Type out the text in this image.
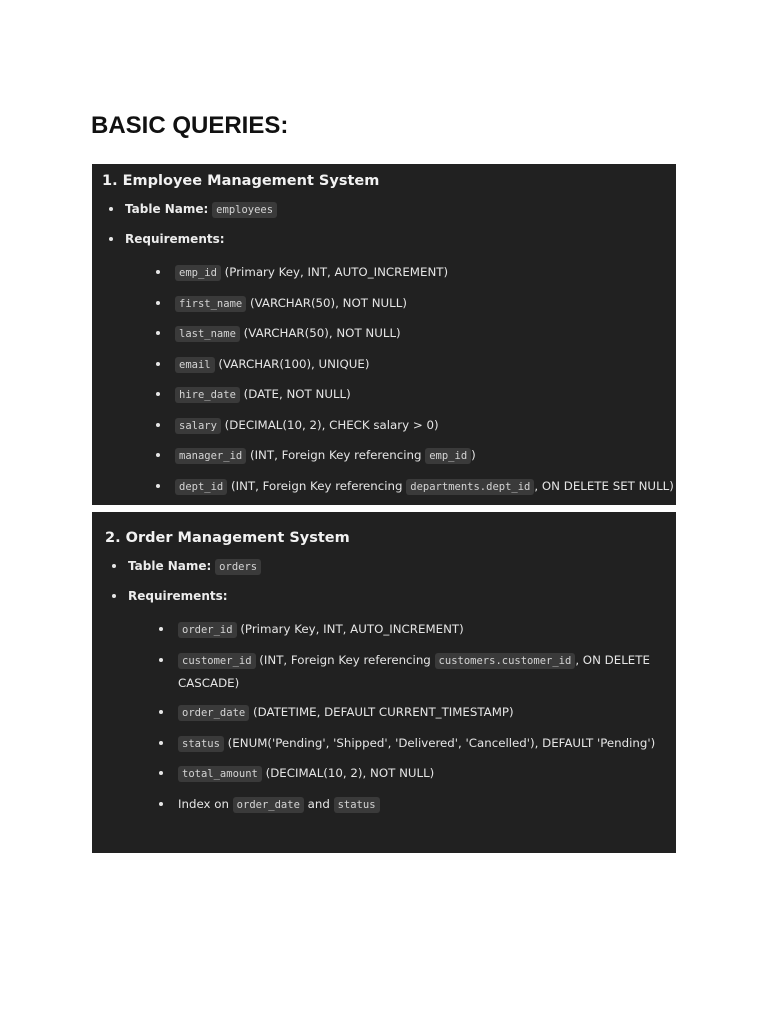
BASIC QUERIES:
1. Employee Management System
Table Name: employees
Requirements:
emp_id (Primary Key, INT, AUTO_INCREMENT)
first_name (VARCHAR(50), NOT NULL)
last_name (VARCHAR(50), NOT NULL)
email (VARCHAR(100), UNIQUE)
hire_date (DATE, NOT NULL)
salary (DECIMAL(10, 2), CHECK salary > 0)
manager_id (INT, Foreign Key referencing emp_id )
dept_id (INT, Foreign Key referencing departments.dept_id , ON DELETE SET NULL)
2. Order Management System
Table Name: orders
Requirements:
order_id (Primary Key, INT, AUTO_INCREMENT)
customer_id (INT, Foreign Key referencing customers.customer_id , ON DELETE CASCADE)
order_date (DATETIME, DEFAULT CURRENT_TIMESTAMP)
status (ENUM('Pending', 'Shipped', 'Delivered', 'Cancelled'), DEFAULT 'Pending')
total_amount (DECIMAL(10, 2), NOT NULL)
Index on order_date and status
